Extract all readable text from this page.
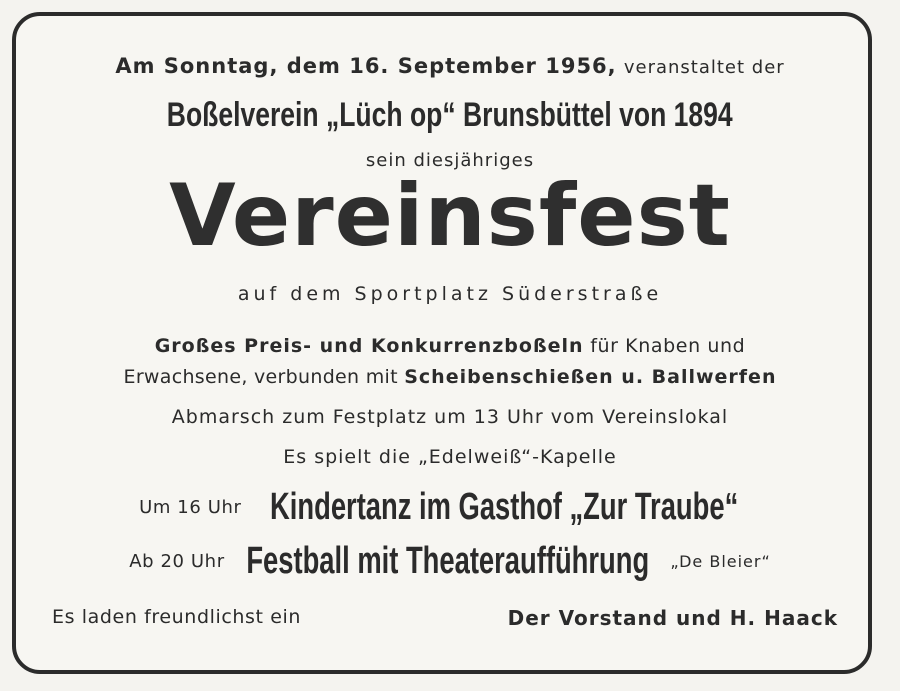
Am Sonntag, dem 16. September 1956, veranstaltet der
Boßelverein „Lüch op“ Brunsbüttel von 1894
sein diesjähriges
Vereinsfest
auf dem Sportplatz Süderstraße
Großes Preis- und Konkurrenzboßeln für Knaben und
Erwachsene, verbunden mit Scheibenschießen u. Ballwerfen
Abmarsch zum Festplatz um 13 Uhr vom Vereinslokal
Es spielt die „Edelweiß“-Kapelle
Um 16 Uhr Kindertanz im Gasthof „Zur Traube“
Ab 20 Uhr Festball mit Theateraufführung „De Bleier“
Es laden freundlichst ein	Der Vorstand und H. Haack
